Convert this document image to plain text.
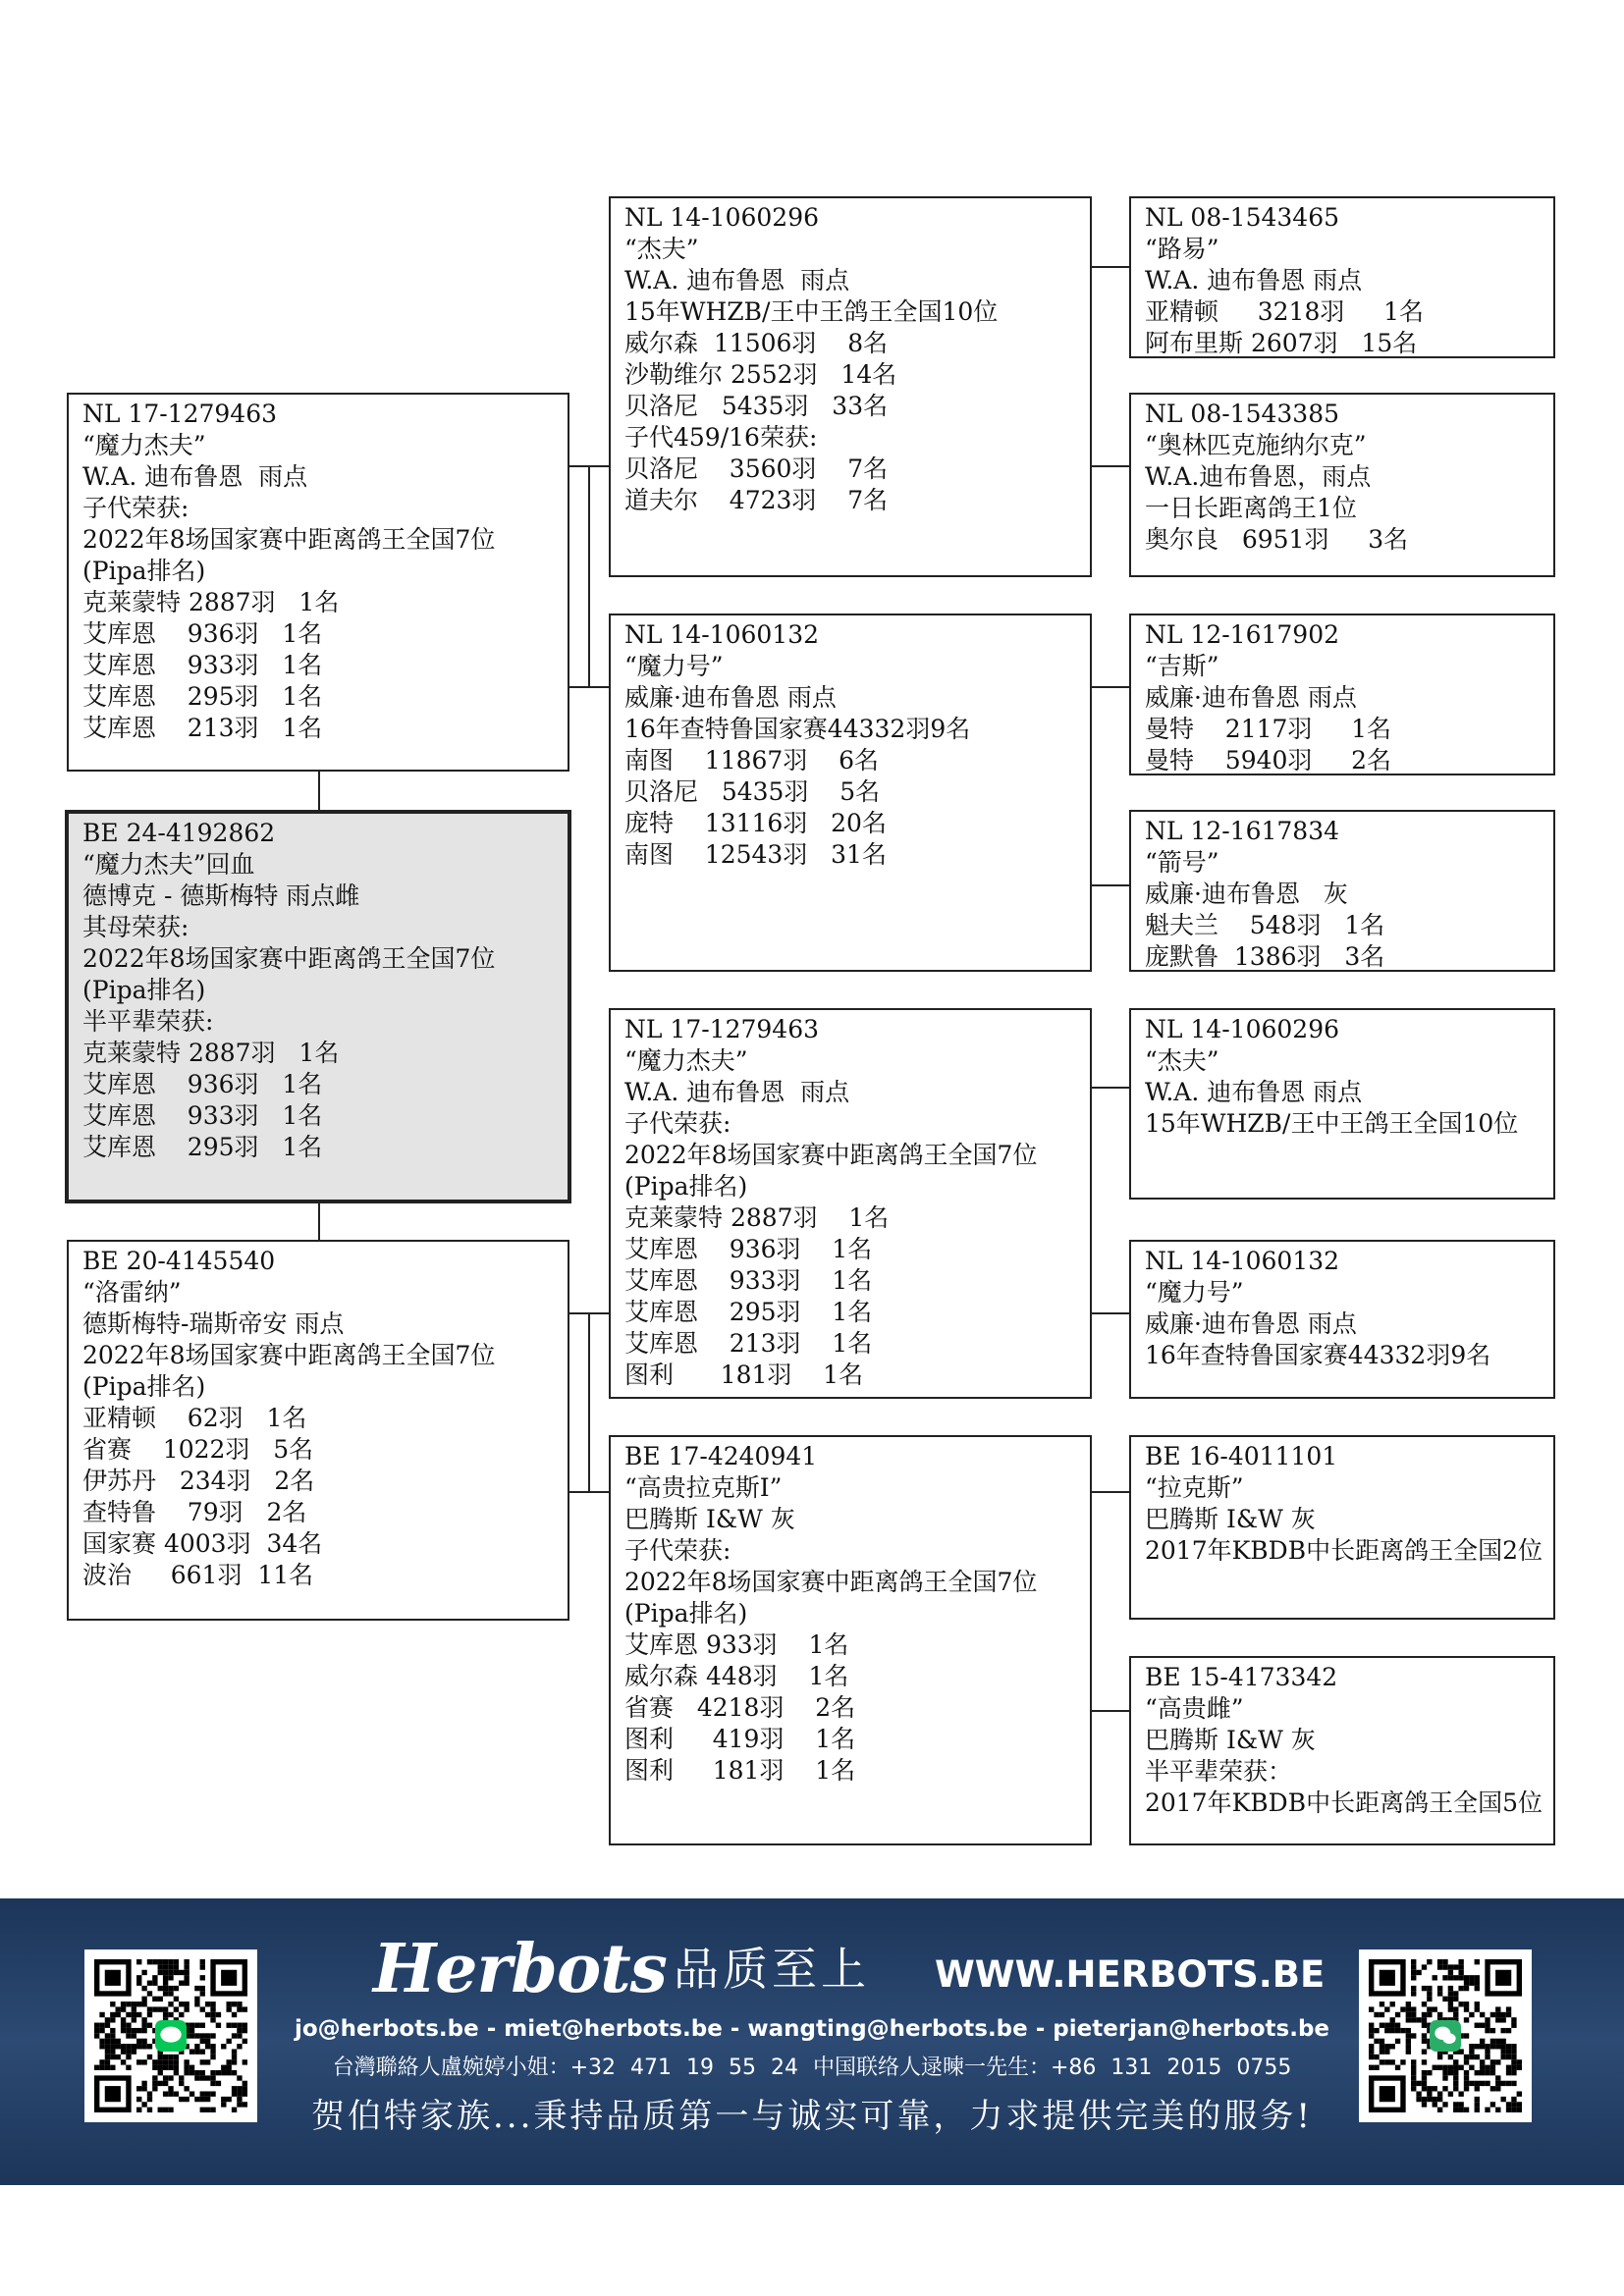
NL 17-1279463
“魔力杰夫”
W.A. 迪布鲁恩  雨点
子代荣获:
2022年8场国家赛中距离鸽王全国7位 (Pipa排名)
克莱蒙特 2887羽   1名
艾库恩    936羽   1名
艾库恩    933羽   1名
艾库恩    295羽   1名
艾库恩    213羽   1名
BE 24-4192862
“魔力杰夫”回血
德博克 - 德斯梅特 雨点雌
其母荣获:
2022年8场国家赛中距离鸽王全国7位 (Pipa排名)
半平辈荣获:
克莱蒙特 2887羽   1名
艾库恩    936羽   1名
艾库恩    933羽   1名
艾库恩    295羽   1名
BE 20-4145540
“洛雷纳”
德斯梅特-瑞斯帝安 雨点
2022年8场国家赛中距离鸽王全国7位 (Pipa排名)
亚精顿    62羽   1名
省赛    1022羽   5名
伊苏丹   234羽   2名
查特鲁    79羽   2名
国家赛 4003羽  34名
波治     661羽  11名
NL 14-1060296
“杰夫”
W.A. 迪布鲁恩  雨点
15年WHZB/王中王鸽王全国10位
威尔森  11506羽    8名
沙勒维尔 2552羽   14名
贝洛尼   5435羽   33名
子代459/16荣获:
贝洛尼    3560羽    7名
道夫尔    4723羽    7名
NL 14-1060132
“魔力号”
威廉·迪布鲁恩 雨点
16年查特鲁国家赛44332羽9名
南图    11867羽    6名
贝洛尼   5435羽    5名
庞特    13116羽   20名
南图    12543羽   31名
NL 17-1279463
“魔力杰夫”
W.A. 迪布鲁恩  雨点
子代荣获:
2022年8场国家赛中距离鸽王全国7位 (Pipa排名)
克莱蒙特 2887羽    1名
艾库恩    936羽    1名
艾库恩    933羽    1名
艾库恩    295羽    1名
艾库恩    213羽    1名
图利      181羽    1名
BE 17-4240941
“高贵拉克斯I”
巴腾斯 I&W 灰
子代荣获:
2022年8场国家赛中距离鸽王全国7位 (Pipa排名)
艾库恩 933羽    1名
威尔森 448羽    1名
省赛   4218羽    2名
图利     419羽    1名
图利     181羽    1名
NL 08-1543465
“路易”
W.A. 迪布鲁恩 雨点
亚精顿     3218羽     1名
阿布里斯 2607羽   15名
NL 08-1543385
“奥林匹克施纳尔克”
W.A.迪布鲁恩，雨点
一日长距离鸽王1位
奥尔良   6951羽     3名
NL 12-1617902
“吉斯”
威廉·迪布鲁恩 雨点
曼特    2117羽     1名
曼特    5940羽     2名
NL 12-1617834
“箭号”
威廉·迪布鲁恩   灰
魁夫兰    548羽   1名
庞默鲁  1386羽   3名
NL 14-1060296
“杰夫”
W.A. 迪布鲁恩 雨点
15年WHZB/王中王鸽王全国10位
NL 14-1060132
“魔力号”
威廉·迪布鲁恩 雨点
16年查特鲁国家赛44332羽9名
BE 16-4011101
“拉克斯”
巴腾斯 I&W 灰
2017年KBDB中长距离鸽王全国2位
BE 15-4173342
“高贵雌”
巴腾斯 I&W 灰
半平辈荣获：
2017年KBDB中长距离鸽王全国5位
Herbots 品质至上 WWW.HERBOTS.BE
jo@herbots.be - miet@herbots.be - wangting@herbots.be - pieterjan@herbots.be
台灣聯絡人盧婉婷小姐：+32 471 19 55 24 中国联络人逯暕一先生：+86 131 2015 0755
贺伯特家族...秉持品质第一与诚实可靠，力求提供完美的服务!
